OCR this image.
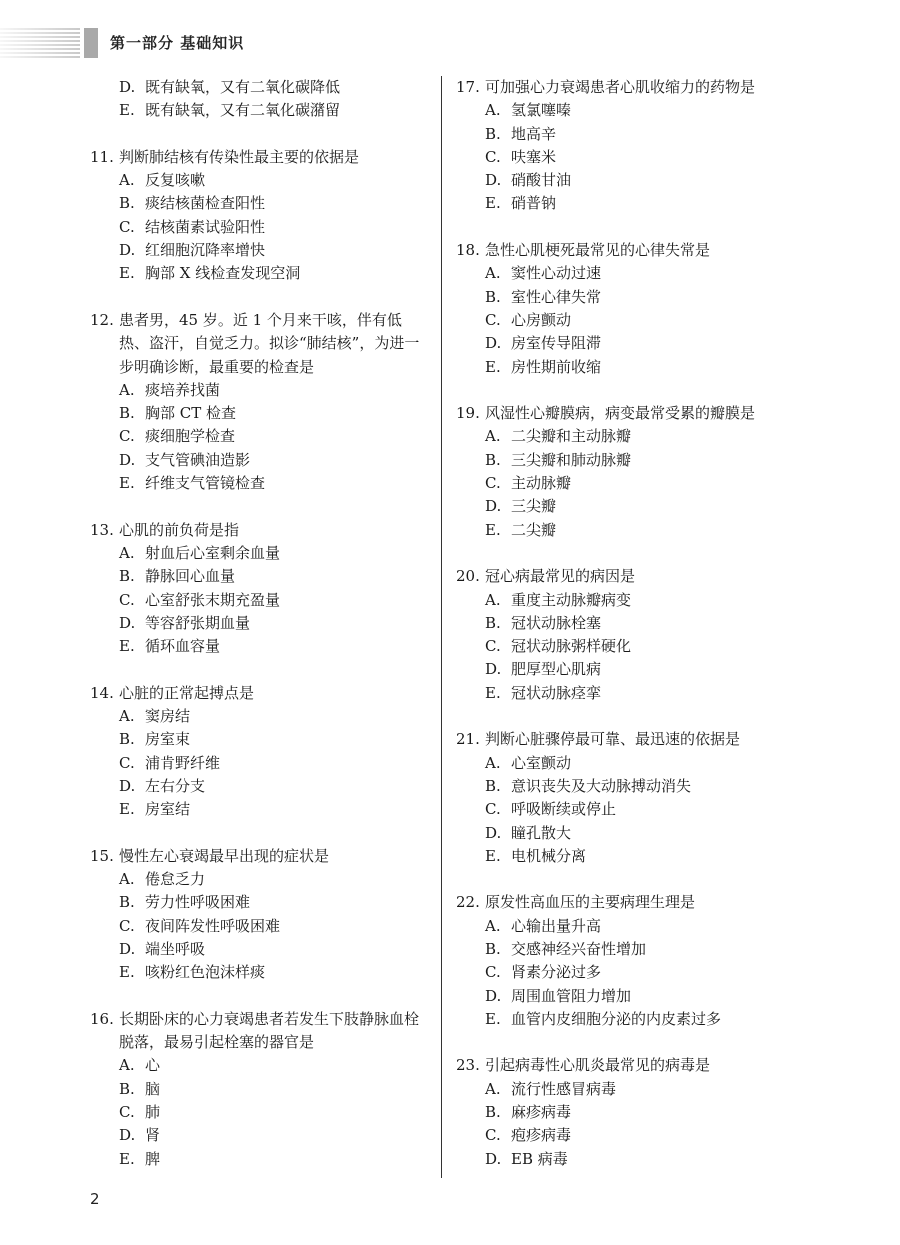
第一部分 基础知识
D. 既有缺氧，又有二氧化碳降低
E. 既有缺氧，又有二氧化碳潴留
11. 判断肺结核有传染性最主要的依据是
A. 反复咳嗽
B. 痰结核菌检查阳性
C. 结核菌素试验阳性
D. 红细胞沉降率增快
E. 胸部 X 线检查发现空洞
12. 患者男，45 岁。近 1 个月来干咳，伴有低热、盗汗，自觉乏力。拟诊“肺结核”，为进一步明确诊断，最重要的检查是
A. 痰培养找菌
B. 胸部 CT 检查
C. 痰细胞学检查
D. 支气管碘油造影
E. 纤维支气管镜检查
13. 心肌的前负荷是指
A. 射血后心室剩余血量
B. 静脉回心血量
C. 心室舒张末期充盈量
D. 等容舒张期血量
E. 循环血容量
14. 心脏的正常起搏点是
A. 窦房结
B. 房室束
C. 浦肯野纤维
D. 左右分支
E. 房室结
15. 慢性左心衰竭最早出现的症状是
A. 倦怠乏力
B. 劳力性呼吸困难
C. 夜间阵发性呼吸困难
D. 端坐呼吸
E. 咳粉红色泡沫样痰
16. 长期卧床的心力衰竭患者若发生下肢静脉血栓脱落，最易引起栓塞的器官是
A. 心
B. 脑
C. 肺
D. 肾
E. 脾
17. 可加强心力衰竭患者心肌收缩力的药物是
A. 氢氯噻嗪
B. 地高辛
C. 呋塞米
D. 硝酸甘油
E. 硝普钠
18. 急性心肌梗死最常见的心律失常是
A. 窦性心动过速
B. 室性心律失常
C. 心房颤动
D. 房室传导阻滞
E. 房性期前收缩
19. 风湿性心瓣膜病，病变最常受累的瓣膜是
A. 二尖瓣和主动脉瓣
B. 三尖瓣和肺动脉瓣
C. 主动脉瓣
D. 三尖瓣
E. 二尖瓣
20. 冠心病最常见的病因是
A. 重度主动脉瓣病变
B. 冠状动脉栓塞
C. 冠状动脉粥样硬化
D. 肥厚型心肌病
E. 冠状动脉痉挛
21. 判断心脏骤停最可靠、最迅速的依据是
A. 心室颤动
B. 意识丧失及大动脉搏动消失
C. 呼吸断续或停止
D. 瞳孔散大
E. 电机械分离
22. 原发性高血压的主要病理生理是
A. 心输出量升高
B. 交感神经兴奋性增加
C. 肾素分泌过多
D. 周围血管阻力增加
E. 血管内皮细胞分泌的内皮素过多
23. 引起病毒性心肌炎最常见的病毒是
A. 流行性感冒病毒
B. 麻疹病毒
C. 疱疹病毒
D. EB 病毒
2
